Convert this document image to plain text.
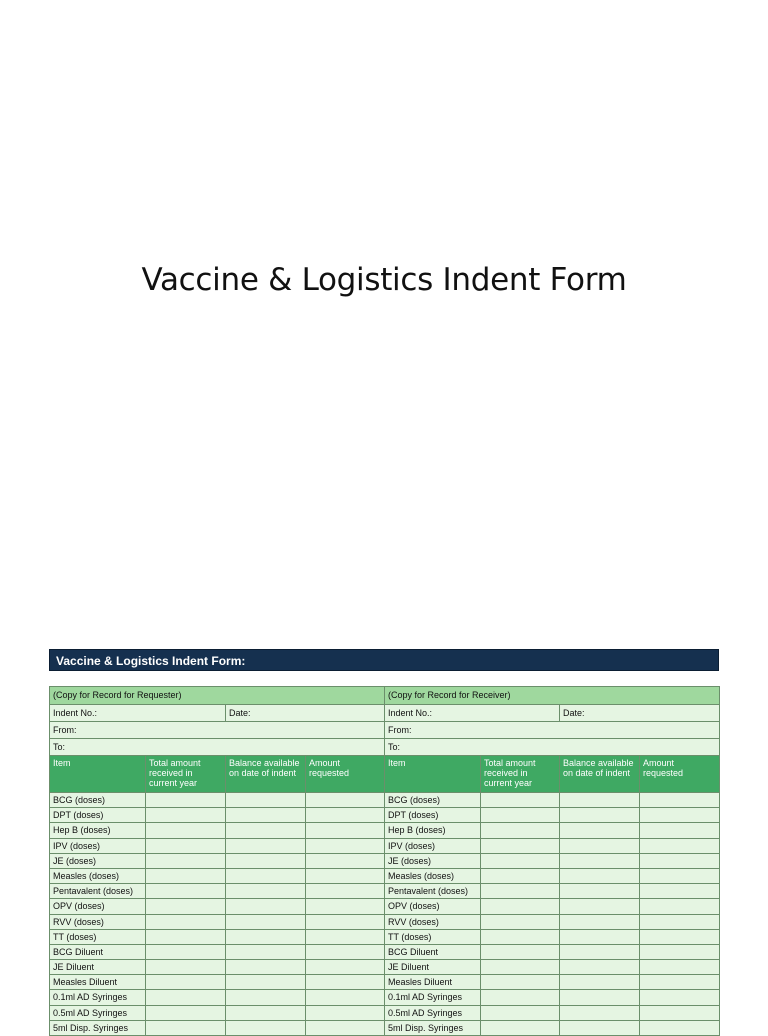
Vaccine & Logistics Indent Form
Vaccine & Logistics Indent Form:
(Copy for Record for Requester)			
Indent No.:		Date:	
From:			
To:			
Item	Total amount received in current year	Balance available on date of indent	Amount requested
BCG (doses)			
DPT (doses)			
Hep B (doses)			
IPV (doses)			
JE (doses)			
Measles (doses)			
Pentavalent (doses)			
OPV (doses)			
RVV (doses)			
TT (doses)			
BCG Diluent			
JE Diluent			
Measles Diluent			
0.1ml AD Syringes			
0.5ml AD Syringes			
5ml Disp. Syringes			
(Copy for Record for Receiver)			
Indent No.:		Date:	
From:			
To:			
Item	Total amount received in current year	Balance available on date of indent	Amount requested
BCG (doses)			
DPT (doses)			
Hep B (doses)			
IPV (doses)			
JE (doses)			
Measles (doses)			
Pentavalent (doses)			
OPV (doses)			
RVV (doses)			
TT (doses)			
BCG Diluent			
JE Diluent			
Measles Diluent			
0.1ml AD Syringes			
0.5ml AD Syringes			
5ml Disp. Syringes			
